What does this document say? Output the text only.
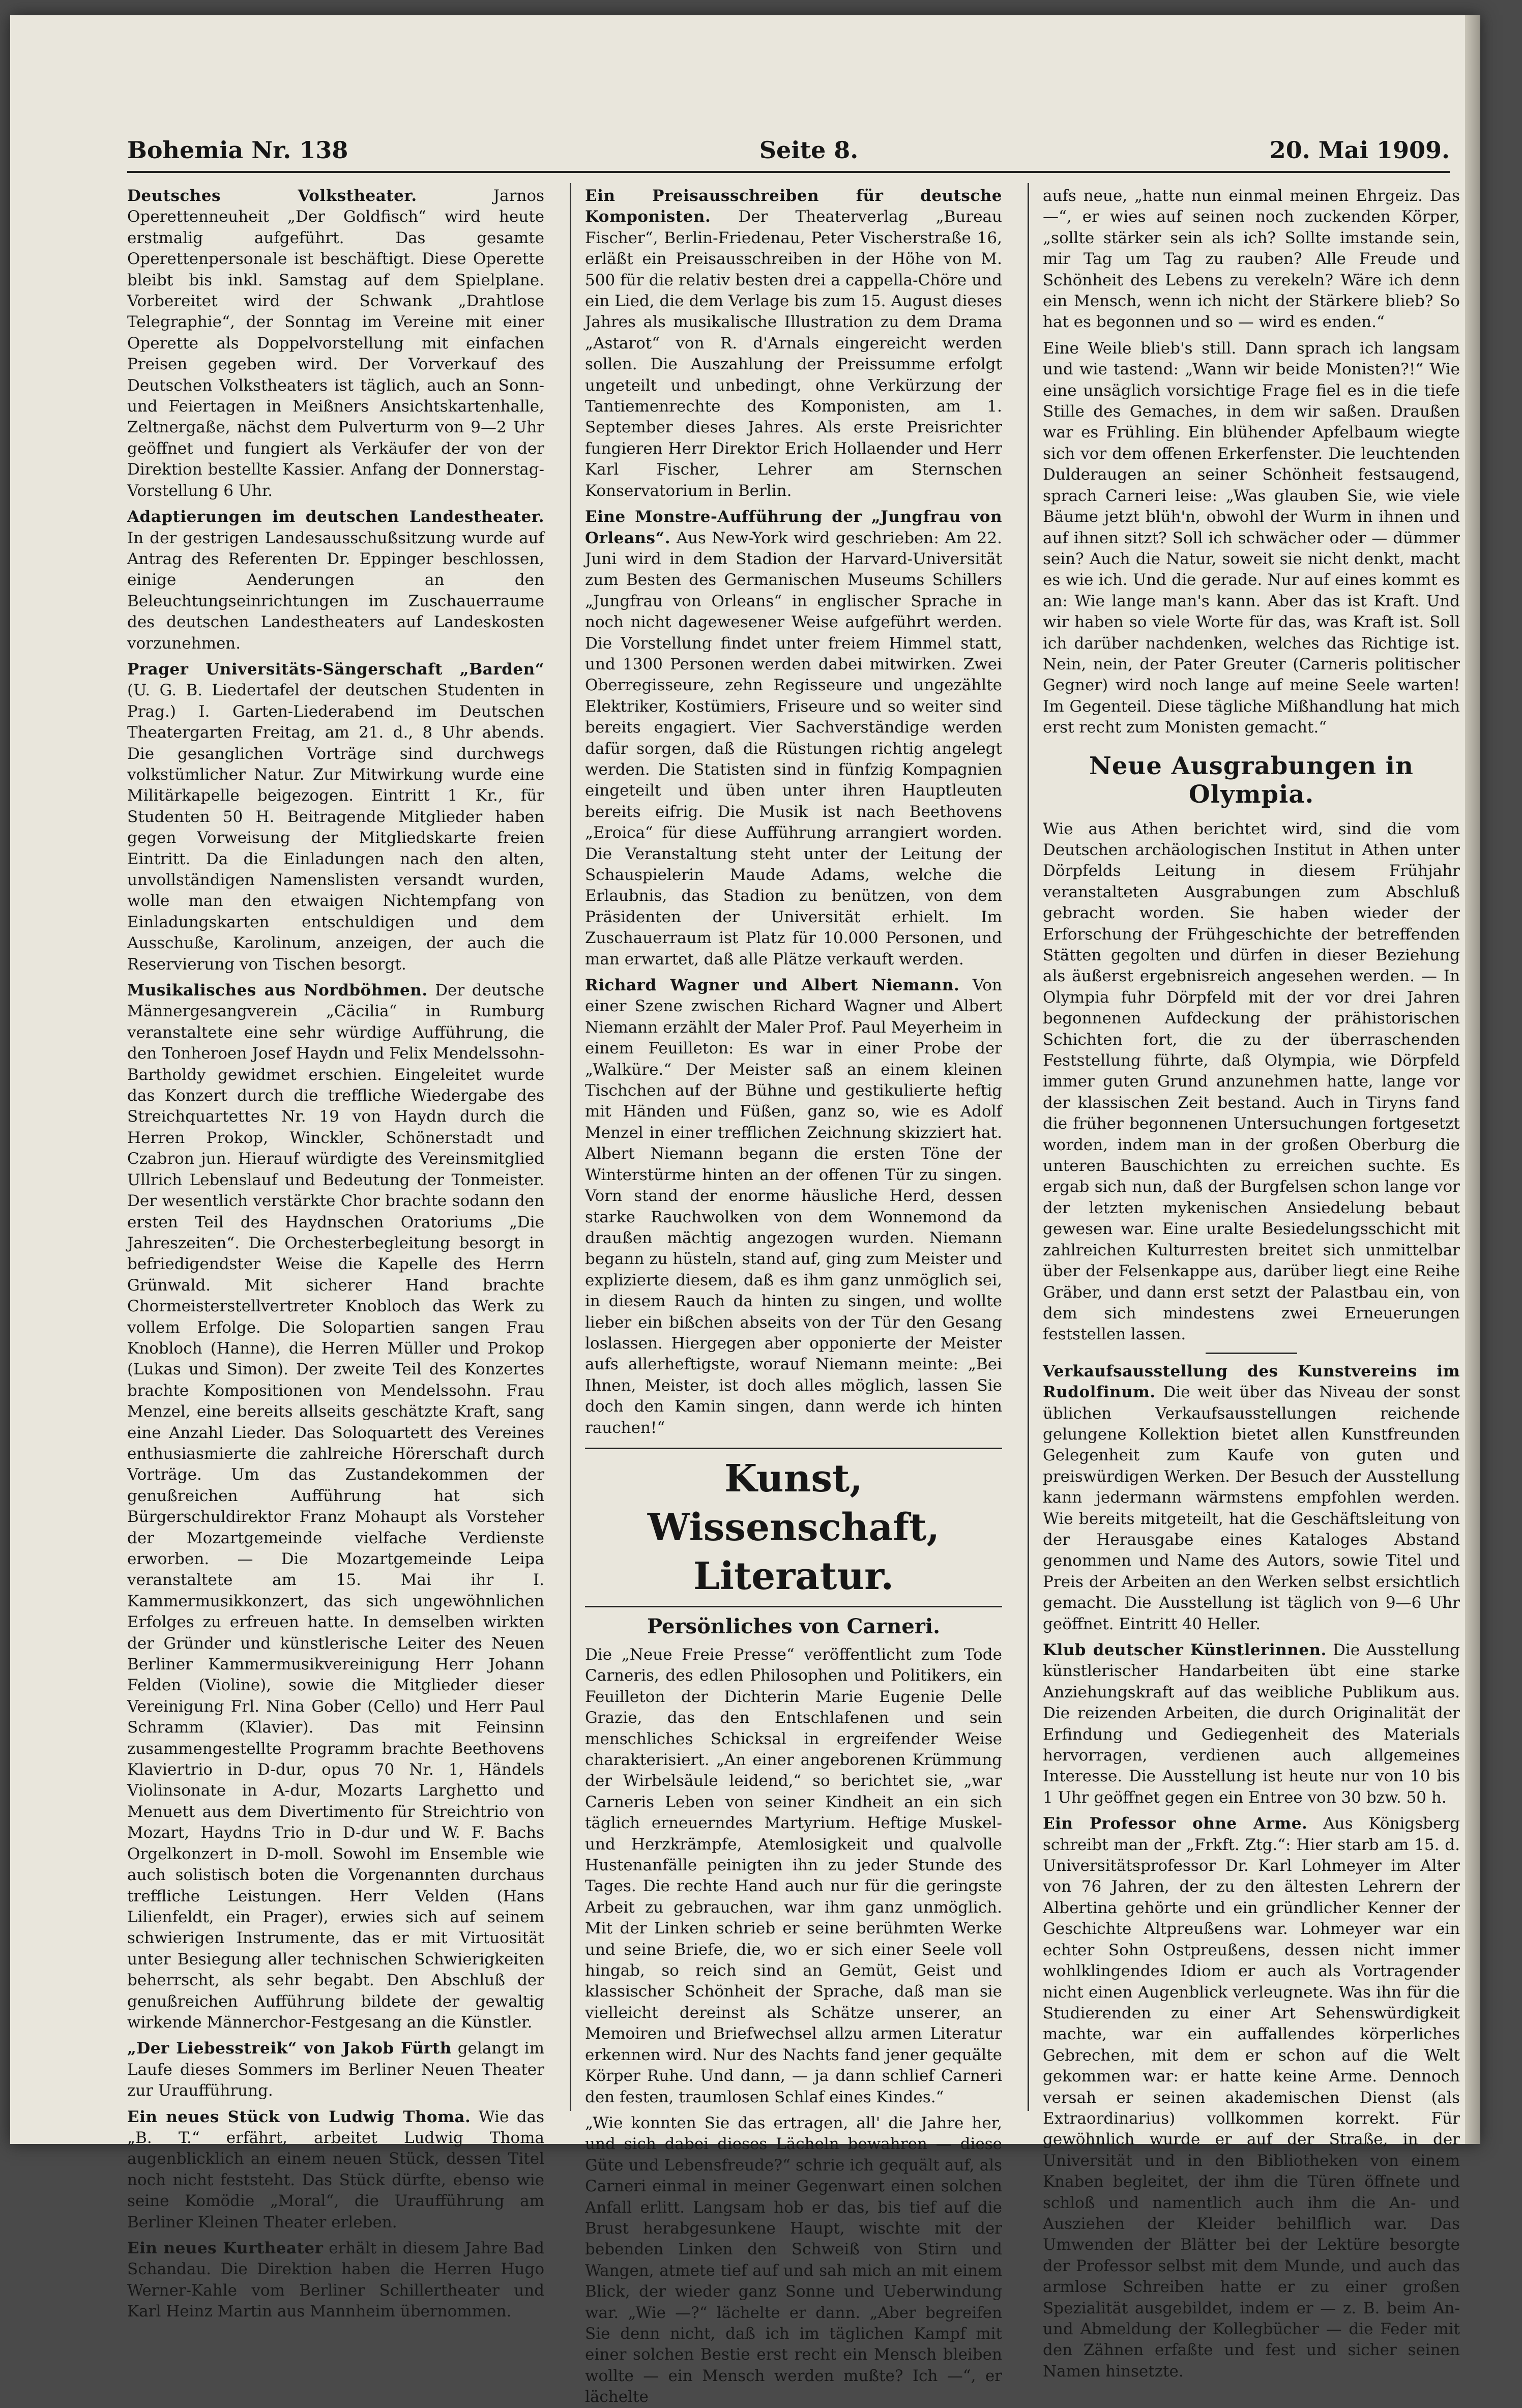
Bohemia Nr. 138	Seite 8.	20. Mai 1909.

Deutsches Volkstheater.	Jarnos Operettenneuheit „Der Goldfisch“ wird heute erstmalig aufgeführt. Das gesamte Operettenpersonale ist beschäftigt. Diese Operette bleibt bis inkl. Samstag auf dem Spielplane. Vorbereitet wird der Schwank „Drahtlose Telegraphie“, der Sonntag im Vereine mit einer Operette als Doppelvorstellung mit einfachen Preisen gegeben wird. Der Vorverkauf des Deutschen Volkstheaters ist täglich, auch an Sonn- und Feiertagen in Meißners Ansichtskartenhalle, Zeltnergaße, nächst dem Pulverturm von 9—2 Uhr geöffnet und fungiert als Verkäufer der von der Direktion bestellte Kassier. Anfang der Donnerstag-Vorstellung 6 Uhr.

Adaptierungen im deutschen Landestheater. In der gestrigen Landesausschußsitzung wurde auf Antrag des Referenten Dr. Eppinger beschlossen, einige Aenderungen an den Beleuchtungseinrichtungen im Zuschauerraume des deutschen Landestheaters auf Landeskosten vorzunehmen.

Prager Universitäts-Sängerschaft „Barden“ (U. G. B. Liedertafel der deutschen Studenten in Prag.) I. Garten-Liederabend im Deutschen Theatergarten Freitag, am 21. d., 8 Uhr abends. Die gesanglichen Vorträge sind durchwegs volkstümlicher Natur. Zur Mitwirkung wurde eine Militärkapelle beigezogen. Eintritt 1 Kr., für Studenten 50 H. Beitragende Mitglieder haben gegen Vorweisung der Mitgliedskarte freien Eintritt. Da die Einladungen nach den alten, unvollständigen Namenslisten versandt wurden, wolle man den etwaigen Nichtempfang von Einladungskarten entschuldigen und dem Ausschuße, Karolinum, anzeigen, der auch die Reservierung von Tischen besorgt.

Musikalisches aus Nordböhmen. Der deutsche Männergesangverein „Cäcilia“ in Rumburg veranstaltete eine sehr würdige Aufführung, die den Tonheroen Josef Haydn und Felix Mendelssohn-Bartholdy gewidmet erschien. Eingeleitet wurde das Konzert durch die treffliche Wiedergabe des Streichquartettes Nr. 19 von Haydn durch die Herren Prokop, Winckler, Schönerstadt und Czabron jun. Hierauf würdigte des Vereinsmitglied Ullrich Lebenslauf und Bedeutung der Tonmeister. Der wesentlich verstärkte Chor brachte sodann den ersten Teil des Haydnschen Oratoriums „Die Jahreszeiten“. Die Orchesterbegleitung besorgt in befriedigendster Weise die Kapelle des Herrn Grünwald. Mit sicherer Hand brachte Chormeisterstellvertreter Knobloch das Werk zu vollem Erfolge. Die Solopartien sangen Frau Knobloch (Hanne), die Herren Müller und Prokop (Lukas und Simon). Der zweite Teil des Konzertes brachte Kompositionen von Mendelssohn. Frau Menzel, eine bereits allseits geschätzte Kraft, sang eine Anzahl Lieder. Das Soloquartett des Vereines enthusiasmierte die zahlreiche Hörerschaft durch Vorträge. Um das Zustandekommen der genußreichen Aufführung hat sich Bürgerschuldirektor Franz Mohaupt als Vorsteher der Mozartgemeinde vielfache Verdienste erworben. — Die Mozartgemeinde Leipa veranstaltete am 15. Mai ihr I. Kammermusikkonzert, das sich ungewöhnlichen Erfolges zu erfreuen hatte. In demselben wirkten der Gründer und künstlerische Leiter des Neuen Berliner Kammermusikvereinigung Herr Johann Felden (Violine), sowie die Mitglieder dieser Vereinigung Frl. Nina Gober (Cello) und Herr Paul Schramm (Klavier). Das mit Feinsinn zusammengestellte Programm brachte Beethovens Klaviertrio in D-dur, opus 70 Nr. 1, Händels Violinsonate in A-dur, Mozarts Larghetto und Menuett aus dem Divertimento für Streichtrio von Mozart, Haydns Trio in D-dur und W. F. Bachs Orgelkonzert in D-moll. Sowohl im Ensemble wie auch solistisch boten die Vorgenannten durchaus treffliche Leistungen. Herr Velden (Hans Lilienfeldt, ein Prager), erwies sich auf seinem schwierigen Instrumente, das er mit Virtuosität unter Besiegung aller technischen Schwierigkeiten beherrscht, als sehr begabt. Den Abschluß der genußreichen Aufführung bildete der gewaltig wirkende Männerchor-Festgesang an die Künstler.

„Der Liebesstreik“ von Jakob Fürth gelangt im Laufe dieses Sommers im Berliner Neuen Theater zur Uraufführung.

Ein neues Stück von Ludwig Thoma. Wie das „B. T.“ erfährt, arbeitet Ludwig Thoma augenblicklich an einem neuen Stück, dessen Titel noch nicht feststeht. Das Stück dürfte, ebenso wie seine Komödie „Moral“, die Uraufführung am Berliner Kleinen Theater erleben.

Ein neues Kurtheater erhält in diesem Jahre Bad Schandau. Die Direktion haben die Herren Hugo Werner-Kahle vom Berliner Schillertheater und Karl Heinz Martin aus Mannheim übernommen.

Ein Preisausschreiben für deutsche Komponisten. Der Theaterverlag „Bureau Fischer“, Berlin-Friedenau, Peter Vischerstraße 16, erläßt ein Preisausschreiben in der Höhe von M. 500 für die relativ besten drei a cappella-Chöre und ein Lied, die dem Verlage bis zum 15. August dieses Jahres als musikalische Illustration zu dem Drama „Astarot“ von R. d'Arnals eingereicht werden sollen. Die Auszahlung der Preissumme erfolgt ungeteilt und unbedingt, ohne Verkürzung der Tantiemenrechte des Komponisten, am 1. September dieses Jahres. Als erste Preisrichter fungieren Herr Direktor Erich Hollaender und Herr Karl Fischer, Lehrer am Sternschen Konservatorium in Berlin.

Eine Monstre-Aufführung der „Jungfrau von Orleans“. Aus New-York wird geschrieben: Am 22. Juni wird in dem Stadion der Harvard-Universität zum Besten des Germanischen Museums Schillers „Jungfrau von Orleans“ in englischer Sprache in noch nicht dagewesener Weise aufgeführt werden. Die Vorstellung findet unter freiem Himmel statt, und 1300 Personen werden dabei mitwirken. Zwei Oberregisseure, zehn Regisseure und ungezählte Elektriker, Kostümiers, Friseure und so weiter sind bereits engagiert. Vier Sachverständige werden dafür sorgen, daß die Rüstungen richtig angelegt werden. Die Statisten sind in fünfzig Kompagnien eingeteilt und üben unter ihren Hauptleuten bereits eifrig. Die Musik ist nach Beethovens „Eroica“ für diese Aufführung arrangiert worden. Die Veranstaltung steht unter der Leitung der Schauspielerin Maude Adams, welche die Erlaubnis, das Stadion zu benützen, von dem Präsidenten der Universität erhielt. Im Zuschauerraum ist Platz für 10.000 Personen, und man erwartet, daß alle Plätze verkauft werden.

Richard Wagner und Albert Niemann. Von einer Szene zwischen Richard Wagner und Albert Niemann erzählt der Maler Prof. Paul Meyerheim in einem Feuilleton: Es war in einer Probe der „Walküre.“ Der Meister saß an einem kleinen Tischchen auf der Bühne und gestikulierte heftig mit Händen und Füßen, ganz so, wie es Adolf Menzel in einer trefflichen Zeichnung skizziert hat. Albert Niemann begann die ersten Töne der Winterstürme hinten an der offenen Tür zu singen. Vorn stand der enorme häusliche Herd, dessen starke Rauchwolken von dem Wonnemond da draußen mächtig angezogen wurden. Niemann begann zu hüsteln, stand auf, ging zum Meister und explizierte diesem, daß es ihm ganz unmöglich sei, in diesem Rauch da hinten zu singen, und wollte lieber ein bißchen abseits von der Tür den Gesang loslassen. Hiergegen aber opponierte der Meister aufs allerheftigste, worauf Niemann meinte: „Bei Ihnen, Meister, ist doch alles möglich, lassen Sie doch den Kamin singen, dann werde ich hinten rauchen!“

Kunst, Wissenschaft, Literatur.
Persönliches von Carneri.

Die „Neue Freie Presse“ veröffentlicht zum Tode Carneris, des edlen Philosophen und Politikers, ein Feuilleton der Dichterin Marie Eugenie Delle Grazie, das den Entschlafenen und sein menschliches Schicksal in ergreifender Weise charakterisiert. „An einer angeborenen Krümmung der Wirbelsäule leidend,“ so berichtet sie, „war Carneris Leben von seiner Kindheit an ein sich täglich erneuerndes Martyrium. Heftige Muskel- und Herzkrämpfe, Atemlosigkeit und qualvolle Hustenanfälle peinigten ihn zu jeder Stunde des Tages. Die rechte Hand auch nur für die geringste Arbeit zu gebrauchen, war ihm ganz unmöglich. Mit der Linken schrieb er seine berühmten Werke und seine Briefe, die, wo er sich einer Seele voll hingab, so reich sind an Gemüt, Geist und klassischer Schönheit der Sprache, daß man sie vielleicht dereinst als Schätze unserer, an Memoiren und Briefwechsel allzu armen Literatur erkennen wird. Nur des Nachts fand jener gequälte Körper Ruhe. Und dann, — ja dann schlief Carneri den festen, traumlosen Schlaf eines Kindes.“

„Wie konnten Sie das ertragen, all' die Jahre her, und sich dabei dieses Lächeln bewahren — diese Güte und Lebensfreude?“ schrie ich gequält auf, als Carneri einmal in meiner Gegenwart einen solchen Anfall erlitt. Langsam hob er das, bis tief auf die Brust herabgesunkene Haupt, wischte mit der bebenden Linken den Schweiß von Stirn und Wangen, atmete tief auf und sah mich an mit einem Blick, der wieder ganz Sonne und Ueberwindung war. „Wie —?“ lächelte er dann. „Aber begreifen Sie denn nicht, daß ich im täglichen Kampf mit einer solchen Bestie erst recht ein Mensch bleiben wollte — ein Mensch werden mußte? Ich —“, er lächelte

aufs neue, „hatte nun einmal meinen Ehrgeiz. Das —“, er wies auf seinen noch zuckenden Körper, „sollte stärker sein als ich? Sollte imstande sein, mir Tag um Tag zu rauben? Alle Freude und Schönheit des Lebens zu verekeln? Wäre ich denn ein Mensch, wenn ich nicht der Stärkere blieb? So hat es begonnen und so — wird es enden.“

Eine Weile blieb's still. Dann sprach ich langsam und wie tastend: „Wann wir beide Monisten?!“ Wie eine unsäglich vorsichtige Frage fiel es in die tiefe Stille des Gemaches, in dem wir saßen. Draußen war es Frühling. Ein blühender Apfelbaum wiegte sich vor dem offenen Erkerfenster. Die leuchtenden Dulderaugen an seiner Schönheit festsaugend, sprach Carneri leise: „Was glauben Sie, wie viele Bäume jetzt blüh'n, obwohl der Wurm in ihnen und auf ihnen sitzt? Soll ich schwächer oder — dümmer sein? Auch die Natur, soweit sie nicht denkt, macht es wie ich. Und die gerade. Nur auf eines kommt es an: Wie lange man's kann. Aber das ist Kraft. Und wir haben so viele Worte für das, was Kraft ist. Soll ich darüber nachdenken, welches das Richtige ist. Nein, nein, der Pater Greuter (Carneris politischer Gegner) wird noch lange auf meine Seele warten! Im Gegenteil. Diese tägliche Mißhandlung hat mich erst recht zum Monisten gemacht.“

Neue Ausgrabungen in Olympia.

Wie aus Athen berichtet wird, sind die vom Deutschen archäologischen Institut in Athen unter Dörpfelds Leitung in diesem Frühjahr veranstalteten Ausgrabungen zum Abschluß gebracht worden. Sie haben wieder der Erforschung der Frühgeschichte der betreffenden Stätten gegolten und dürfen in dieser Beziehung als äußerst ergebnisreich angesehen werden. — In Olympia fuhr Dörpfeld mit der vor drei Jahren begonnenen Aufdeckung der prähistorischen Schichten fort, die zu der überraschenden Feststellung führte, daß Olympia, wie Dörpfeld immer guten Grund anzunehmen hatte, lange vor der klassischen Zeit bestand. Auch in Tiryns fand die früher begonnenen Untersuchungen fortgesetzt worden, indem man in der großen Oberburg die unteren Bauschichten zu erreichen suchte. Es ergab sich nun, daß der Burgfelsen schon lange vor der letzten mykenischen Ansiedelung bebaut gewesen war. Eine uralte Besiedelungsschicht mit zahlreichen Kulturresten breitet sich unmittelbar über der Felsenkappe aus, darüber liegt eine Reihe Gräber, und dann erst setzt der Palastbau ein, von dem sich mindestens zwei Erneuerungen feststellen lassen.

Verkaufsausstellung des Kunstvereins im Rudolfinum. Die weit über das Niveau der sonst üblichen Verkaufsausstellungen reichende gelungene Kollektion bietet allen Kunstfreunden Gelegenheit zum Kaufe von guten und preiswürdigen Werken. Der Besuch der Ausstellung kann jedermann wärmstens empfohlen werden. Wie bereits mitgeteilt, hat die Geschäftsleitung von der Herausgabe eines Kataloges Abstand genommen und Name des Autors, sowie Titel und Preis der Arbeiten an den Werken selbst ersichtlich gemacht. Die Ausstellung ist täglich von 9—6 Uhr geöffnet. Eintritt 40 Heller.

Klub deutscher Künstlerinnen. Die Ausstellung künstlerischer Handarbeiten übt eine starke Anziehungskraft auf das weibliche Publikum aus. Die reizenden Arbeiten, die durch Originalität der Erfindung und Gediegenheit des Materials hervorragen, verdienen auch allgemeines Interesse. Die Ausstellung ist heute nur von 10 bis 1 Uhr geöffnet gegen ein Entree von 30 bzw. 50 h.

Ein Professor ohne Arme. Aus Königsberg schreibt man der „Frkft. Ztg.“: Hier starb am 15. d. Universitätsprofessor Dr. Karl Lohmeyer im Alter von 76 Jahren, der zu den ältesten Lehrern der Albertina gehörte und ein gründlicher Kenner der Geschichte Altpreußens war. Lohmeyer war ein echter Sohn Ostpreußens, dessen nicht immer wohlklingendes Idiom er auch als Vortragender nicht einen Augenblick verleugnete. Was ihn für die Studierenden zu einer Art Sehenswürdigkeit machte, war ein auffallendes körperliches Gebrechen, mit dem er schon auf die Welt gekommen war: er hatte keine Arme. Dennoch versah er seinen akademischen Dienst (als Extraordinarius) vollkommen korrekt. Für gewöhnlich wurde er auf der Straße, in der Universität und in den Bibliotheken von einem Knaben begleitet, der ihm die Türen öffnete und schloß und namentlich auch ihm die An- und Ausziehen der Kleider behilflich war. Das Umwenden der Blätter bei der Lektüre besorgte der Professor selbst mit dem Munde, und auch das armlose Schreiben hatte er zu einer großen Spezialität ausgebildet, indem er — z. B. beim An- und Abmeldung der Kollegbücher — die Feder mit den Zähnen erfaßte und fest und sicher seinen Namen hinsetzte.
